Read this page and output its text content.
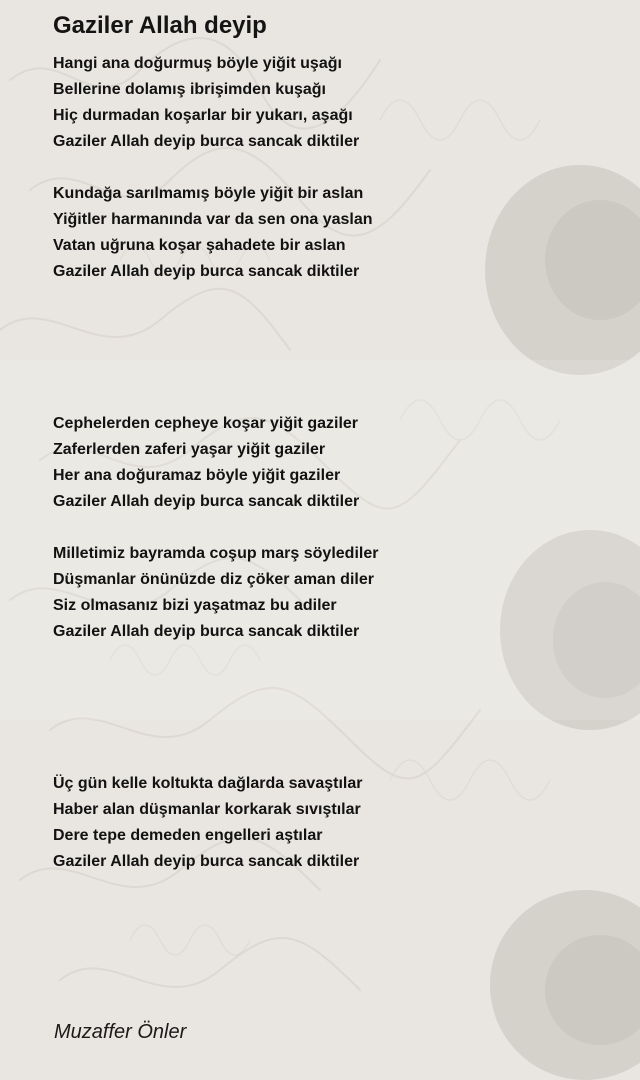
Gaziler Allah deyip
Hangi ana doğurmuş böyle yiğit uşağı
Bellerine dolamış ibrişimden kuşağı
Hiç durmadan koşarlar bir yukarı, aşağı
Gaziler Allah deyip burca sancak diktiler
Kundağa sarılmamış böyle yiğit bir aslan
Yiğitler harmanında var da sen ona yaslan
Vatan uğruna koşar şahadete bir aslan
Gaziler Allah deyip burca sancak diktiler
Cephelerden cepheye koşar yiğit gaziler
Zaferlerden zaferi yaşar yiğit gaziler
Her ana doğuramaz böyle yiğit gaziler
Gaziler Allah deyip burca sancak diktiler
Milletimiz bayramda coşup marş söylediler
Düşmanlar önünüzde diz çöker aman diler
Siz olmasanız bizi yaşatmaz bu adiler
Gaziler Allah deyip burca sancak diktiler
Üç gün kelle koltukta dağlarda savaştılar
Haber alan düşmanlar korkarak sıvıştılar
Dere tepe demeden engelleri aştılar
Gaziler Allah deyip burca sancak diktiler

Muzaffer Önler
